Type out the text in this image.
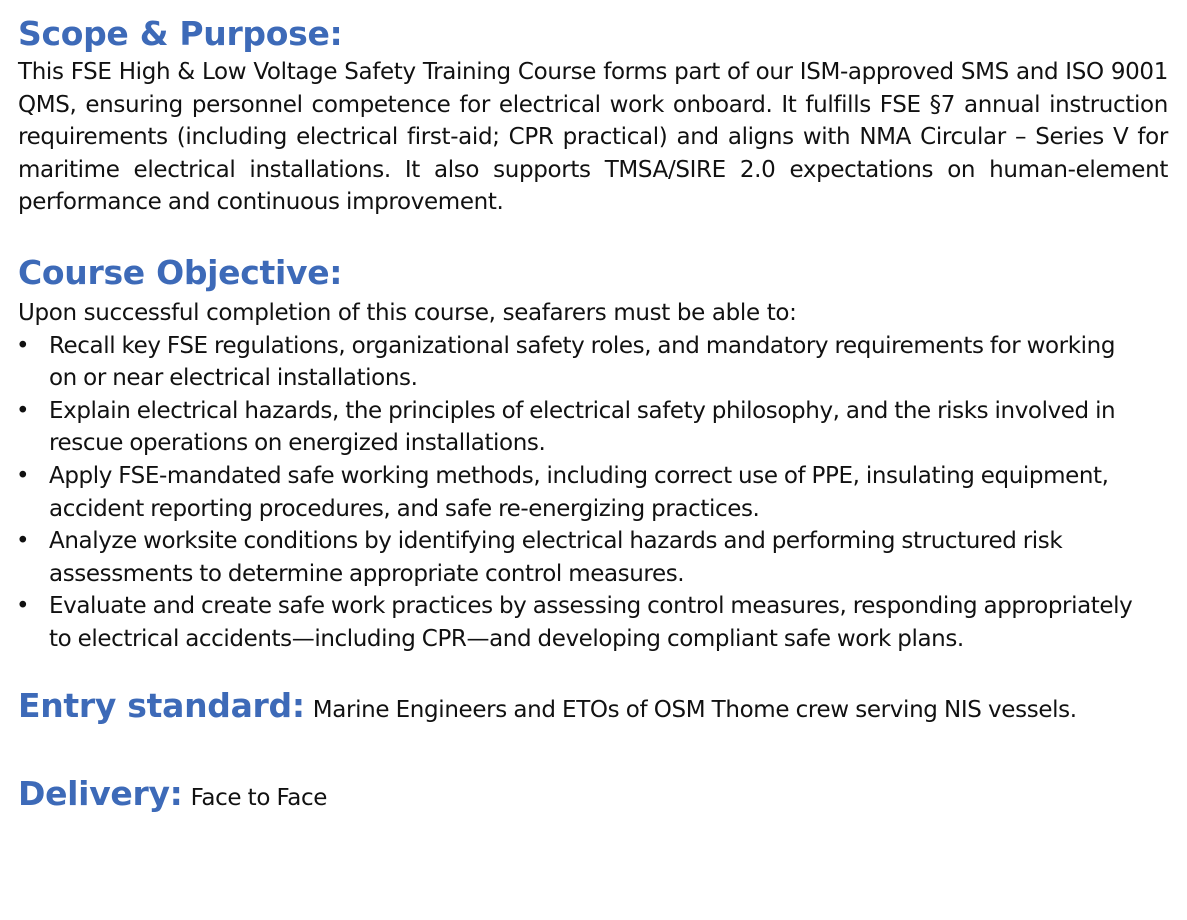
Scope & Purpose:

This FSE High & Low Voltage Safety Training Course forms part of our ISM-approved SMS and ISO 9001 QMS, ensuring personnel competence for electrical work onboard. It fulfills FSE §7 annual instruction requirements (including electrical first-aid; CPR practical) and aligns with NMA Circular – Series V for maritime electrical installations. It also supports TMSA/SIRE 2.0 expectations on human-element performance and continuous improvement.

Course Objective:
Upon successful completion of this course, seafarers must be able to:
• Recall key FSE regulations, organizational safety roles, and mandatory requirements for working on or near electrical installations.
• Explain electrical hazards, the principles of electrical safety philosophy, and the risks involved in rescue operations on energized installations.
• Apply FSE-mandated safe working methods, including correct use of PPE, insulating equipment, accident reporting procedures, and safe re-energizing practices.
• Analyze worksite conditions by identifying electrical hazards and performing structured risk assessments to determine appropriate control measures.
• Evaluate and create safe work practices by assessing control measures, responding appropriately to electrical accidents—including CPR—and developing compliant safe work plans.
Entry standard: Marine Engineers and ETOs of OSM Thome crew serving NIS vessels.
Delivery: Face to Face
